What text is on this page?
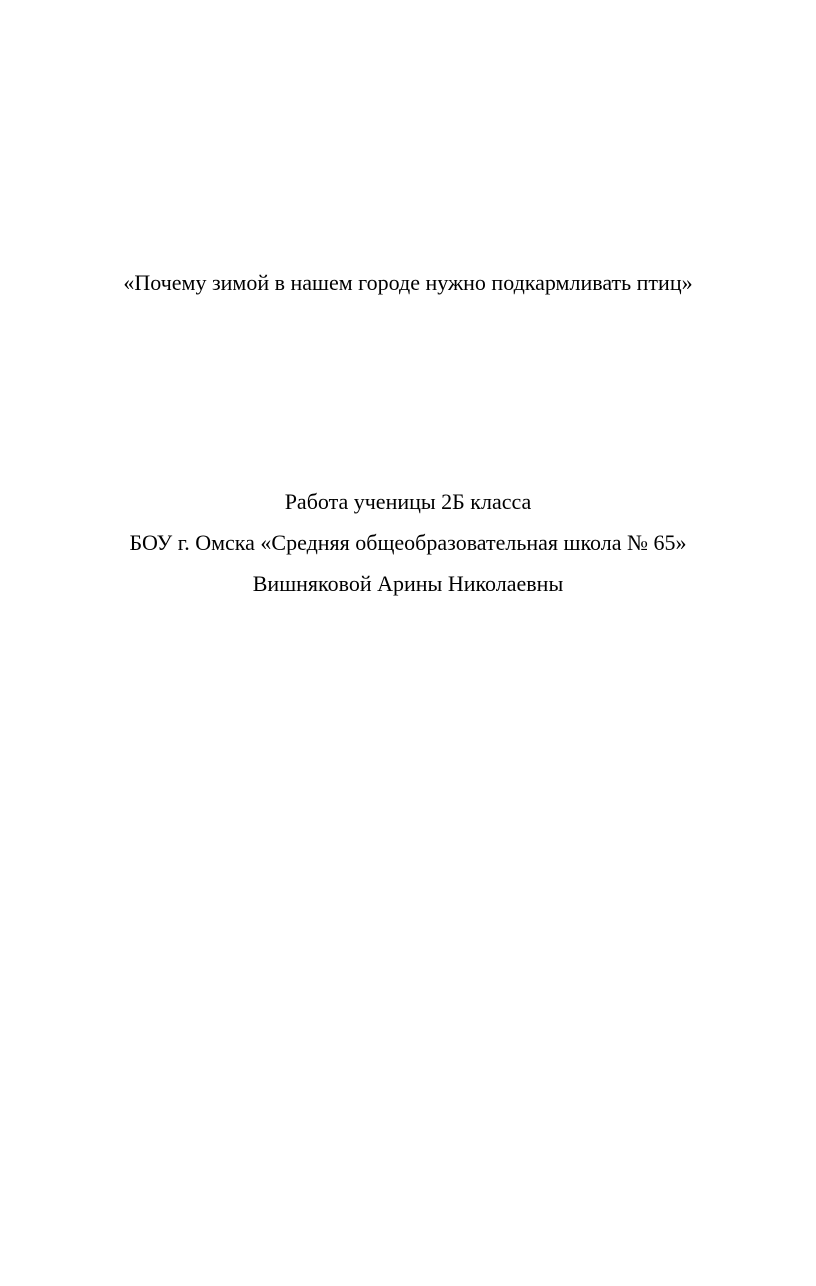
«Почему зимой в нашем городе нужно подкармливать птиц»
Работа ученицы 2Б класса
БОУ г. Омска «Средняя общеобразовательная школа № 65»
Вишняковой Арины Николаевны
